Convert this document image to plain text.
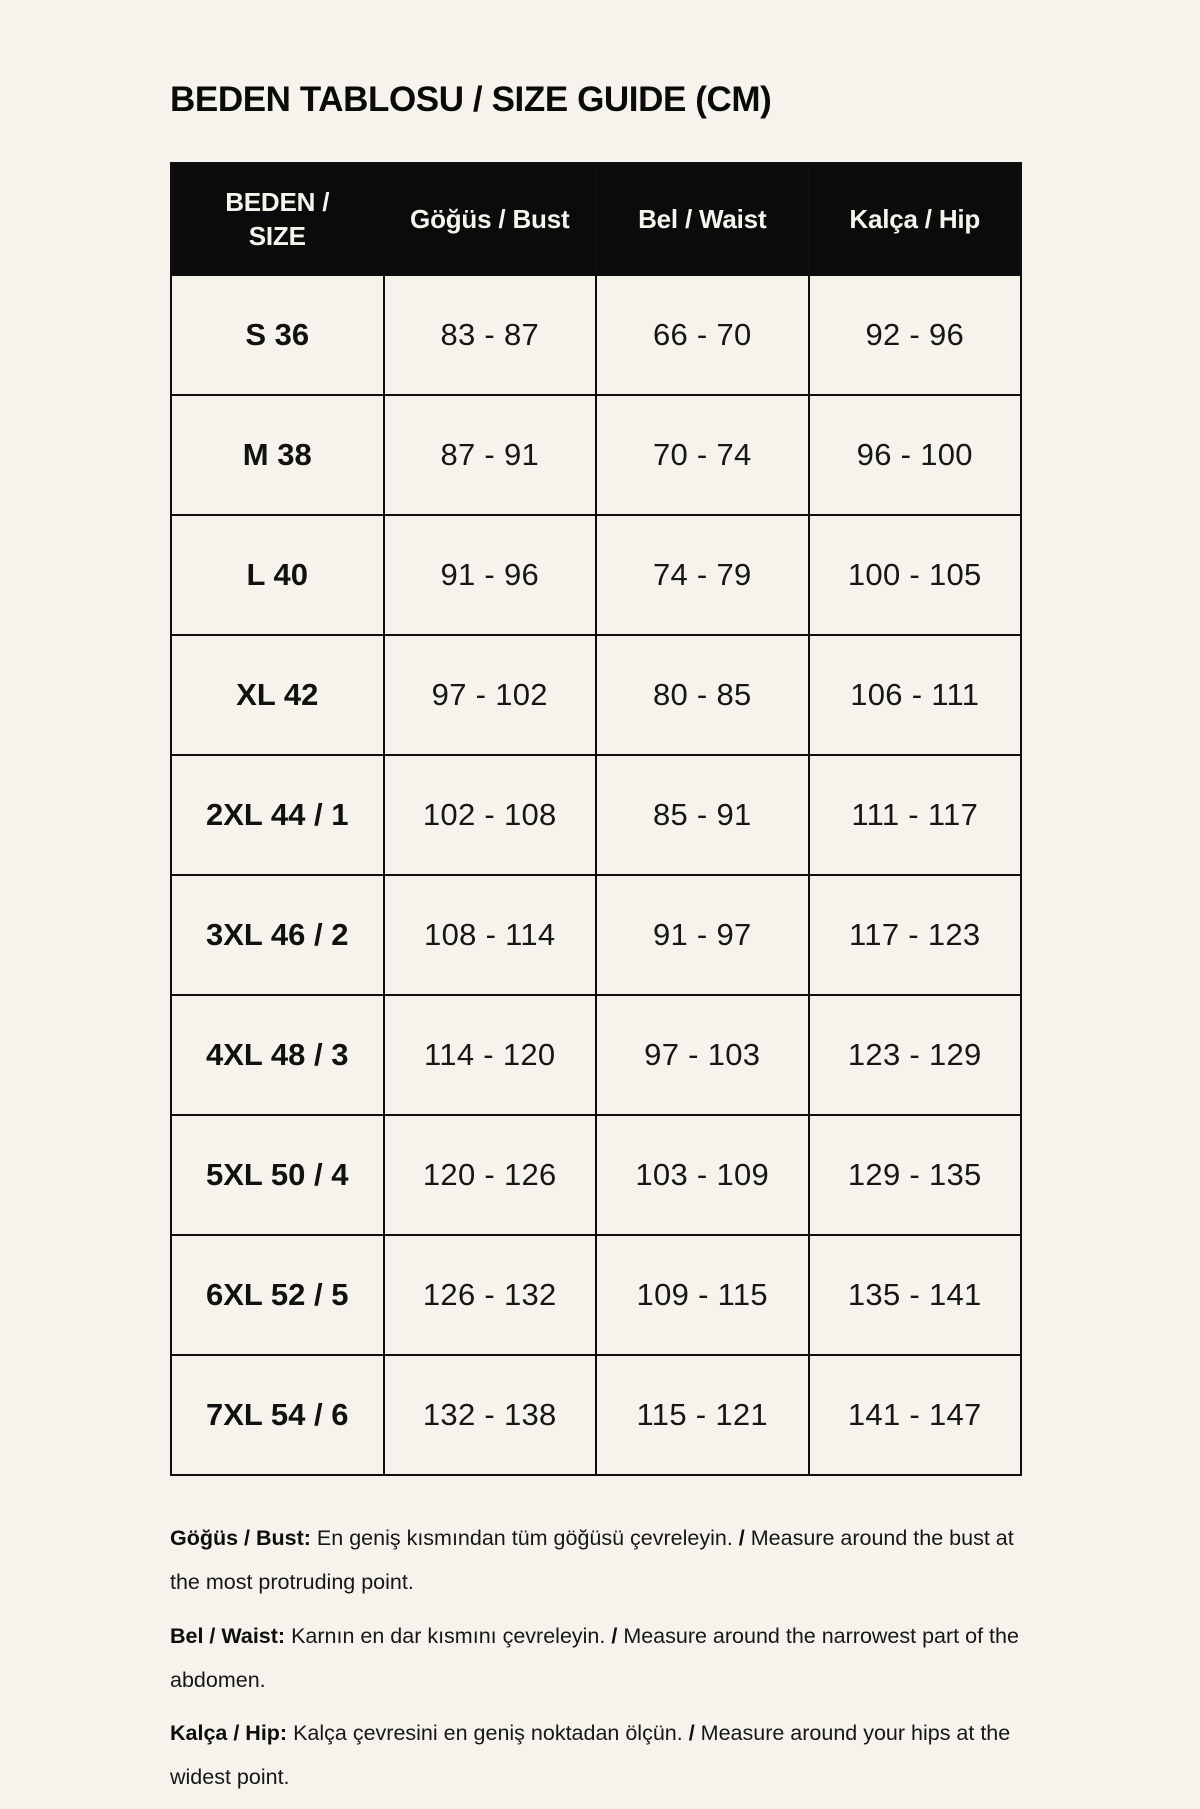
BEDEN TABLOSU / SIZE GUIDE (CM)
BEDEN /
SIZE	Göğüs / Bust	Bel / Waist	Kalça / Hip
S 36	83 - 87	66 - 70	92 - 96
M 38	87 - 91	70 - 74	96 - 100
L 40	91 - 96	74 - 79	100 - 105
XL 42	97 - 102	80 - 85	106 - 111
2XL 44 / 1	102 - 108	85 - 91	111 - 117
3XL 46 / 2	108 - 114	91 - 97	117 - 123
4XL 48 / 3	114 - 120	97 - 103	123 - 129
5XL 50 / 4	120 - 126	103 - 109	129 - 135
6XL 52 / 5	126 - 132	109 - 115	135 - 141
7XL 54 / 6	132 - 138	115 - 121	141 - 147

Göğüs / Bust: En geniş kısmından tüm göğüsü çevreleyin. / Measure around the bust at the most protruding point.

Bel / Waist: Karnın en dar kısmını çevreleyin. / Measure around the narrowest part of the abdomen.

Kalça / Hip: Kalça çevresini en geniş noktadan ölçün. / Measure around your hips at the widest point.
